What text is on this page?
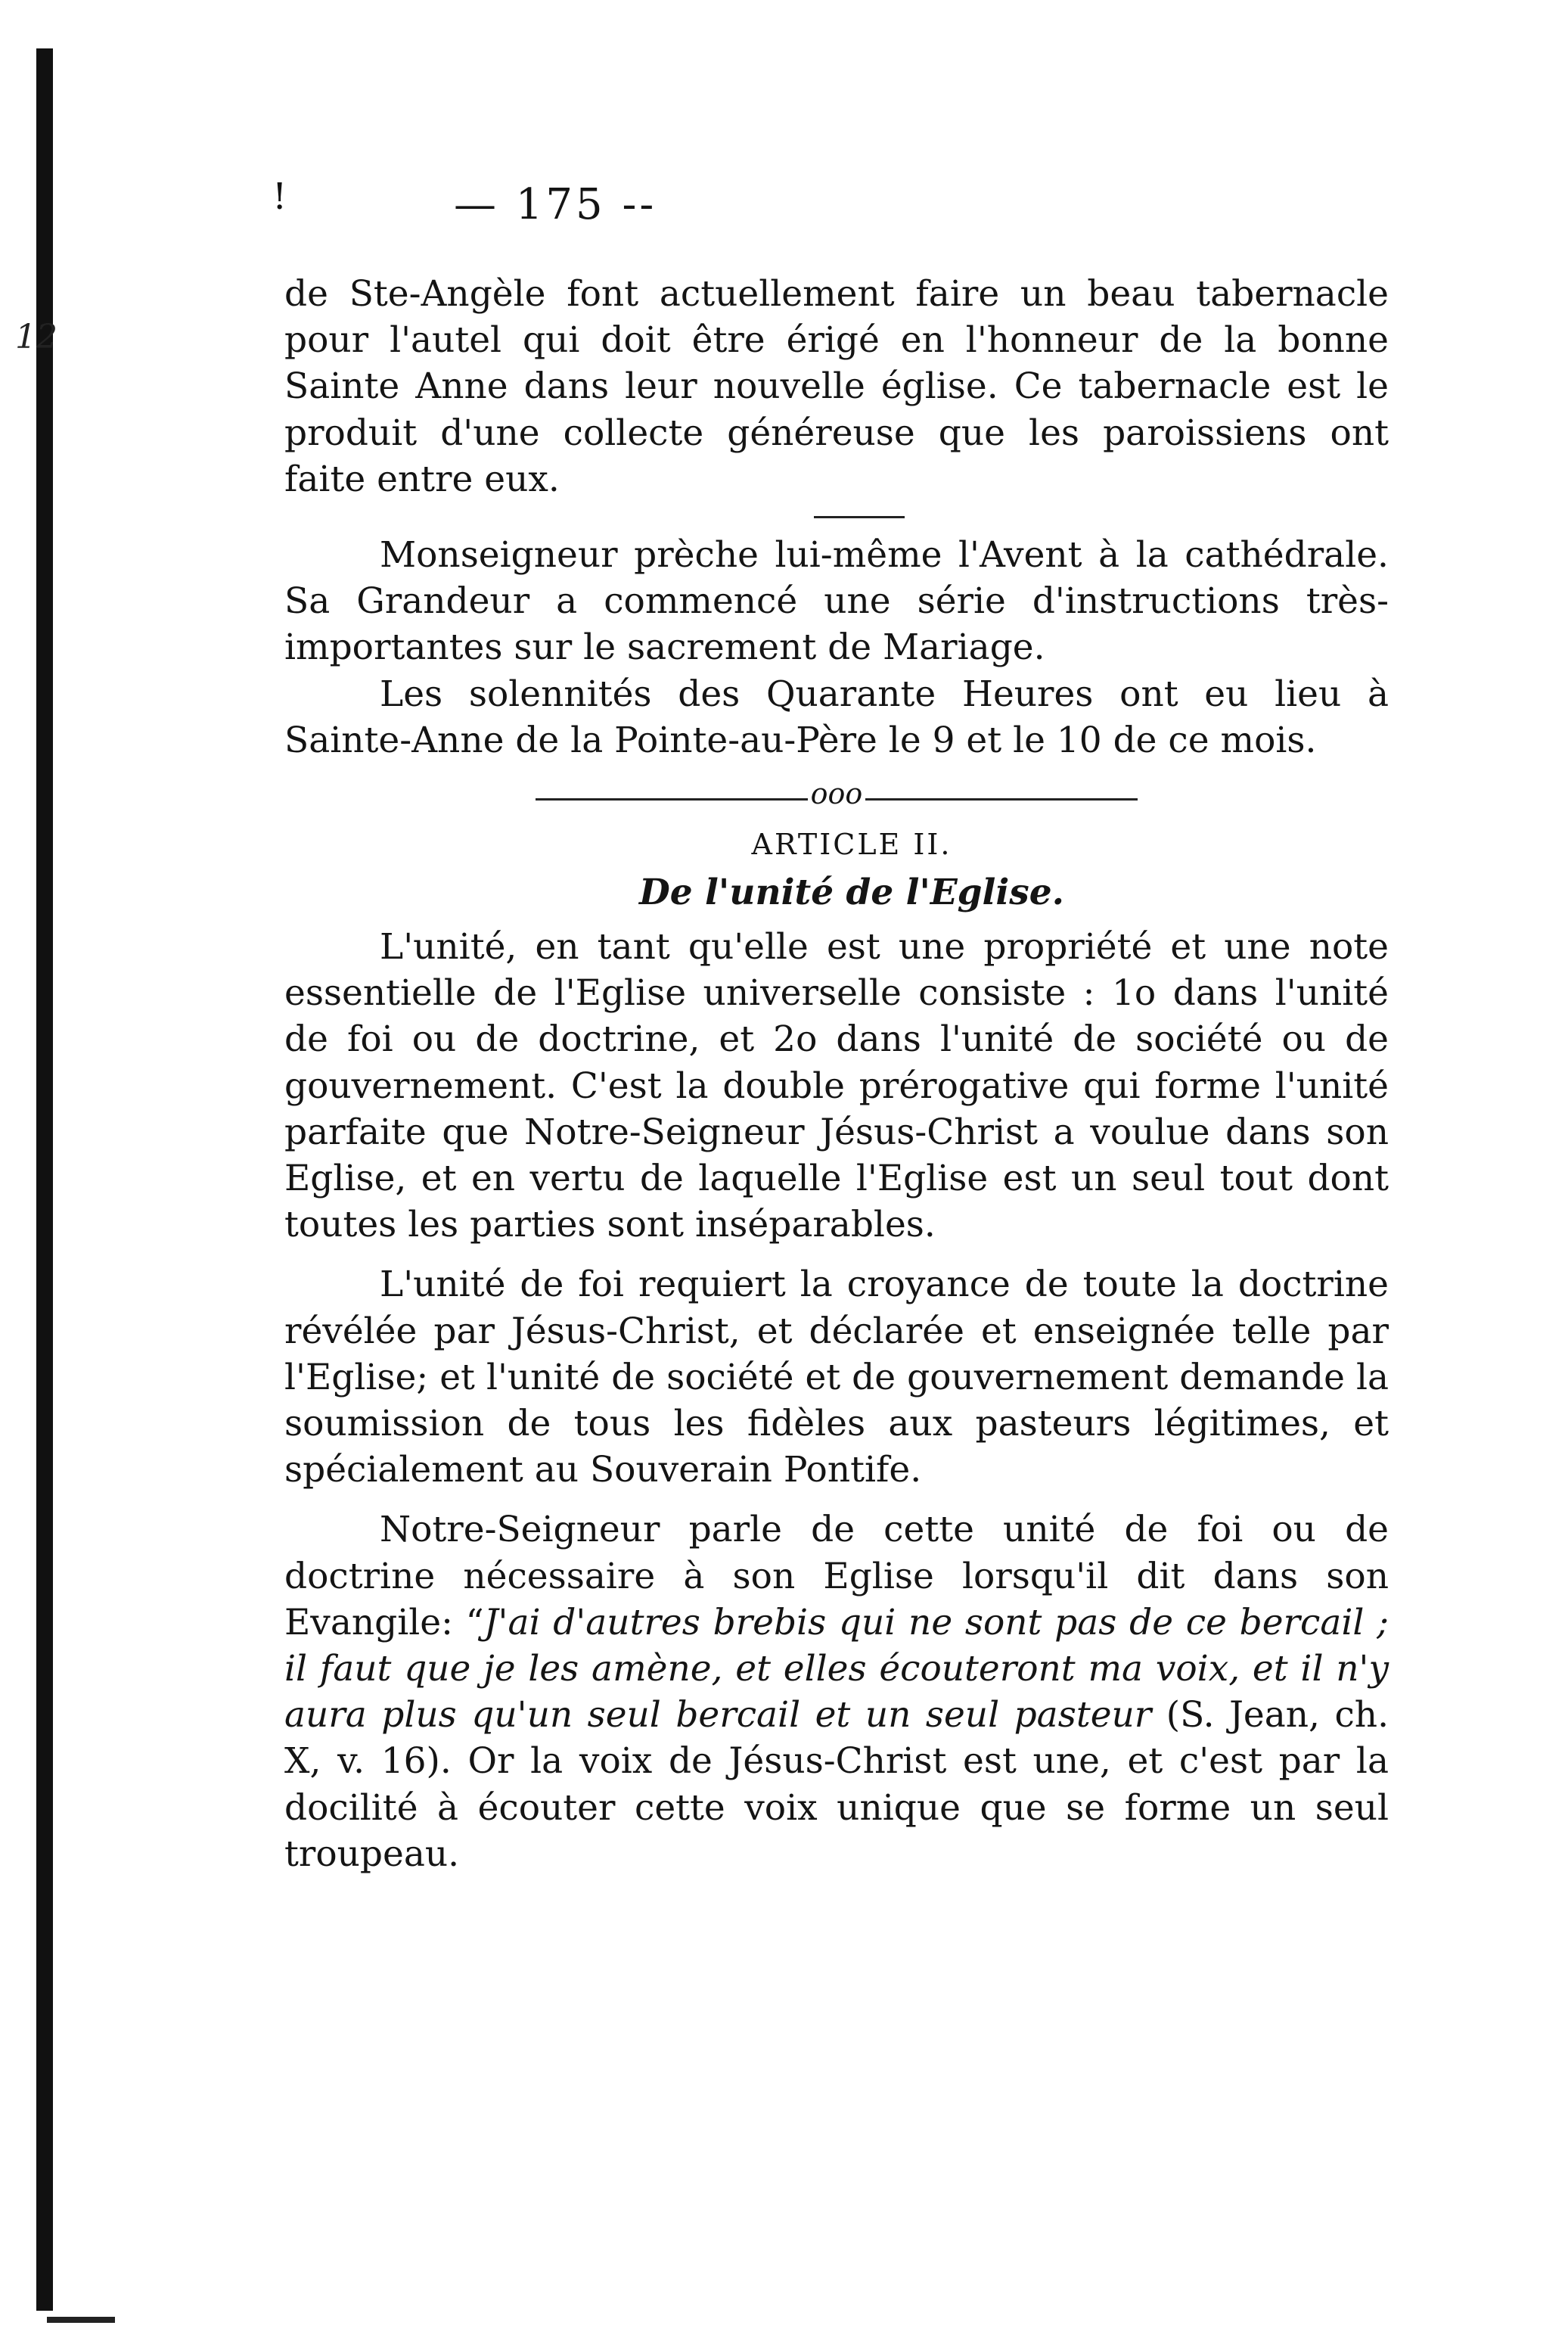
12
!	— 175 --

de Ste-Angèle font actuellement faire un beau tabernacle pour l'autel qui doit être érigé en l'honneur de la bonne Sainte Anne dans leur nouvelle église. Ce tabernacle est le produit d'une collecte généreuse que les paroissiens ont faite entre eux.

Monseigneur prèche lui-même l'Avent à la cathédrale. Sa Grandeur a commencé une série d'instructions très-importantes sur le sacrement de Mariage.

Les solennités des Quarante Heures ont eu lieu à Sainte-Anne de la Pointe-au-Père le 9 et le 10 de ce mois.

ooo
ARTICLE II.
De l'unité de l'Eglise.

L'unité, en tant qu'elle est une propriété et une note essentielle de l'Eglise universelle consiste : 1o dans l'unité de foi ou de doctrine, et 2o dans l'unité de société ou de gouvernement. C'est la double prérogative qui forme l'unité parfaite que Notre-Seigneur Jésus-Christ a voulue dans son Eglise, et en vertu de laquelle l'Eglise est un seul tout dont toutes les parties sont inséparables.

L'unité de foi requiert la croyance de toute la doctrine révélée par Jésus-Christ, et déclarée et enseignée telle par l'Eglise; et l'unité de société et de gouvernement demande la soumission de tous les fidèles aux pasteurs légitimes, et spécialement au Souverain Pontife.

Notre-Seigneur parle de cette unité de foi ou de doctrine nécessaire à son Eglise lorsqu'il dit dans son Evangile: “J'ai d'autres brebis qui ne sont pas de ce bercail ; il faut que je les amène, et elles écouteront ma voix, et il n'y aura plus qu'un seul bercail et un seul pasteur (S. Jean, ch. X, v. 16). Or la voix de Jésus-Christ est une, et c'est par la docilité à écouter cette voix unique que se forme un seul troupeau.
